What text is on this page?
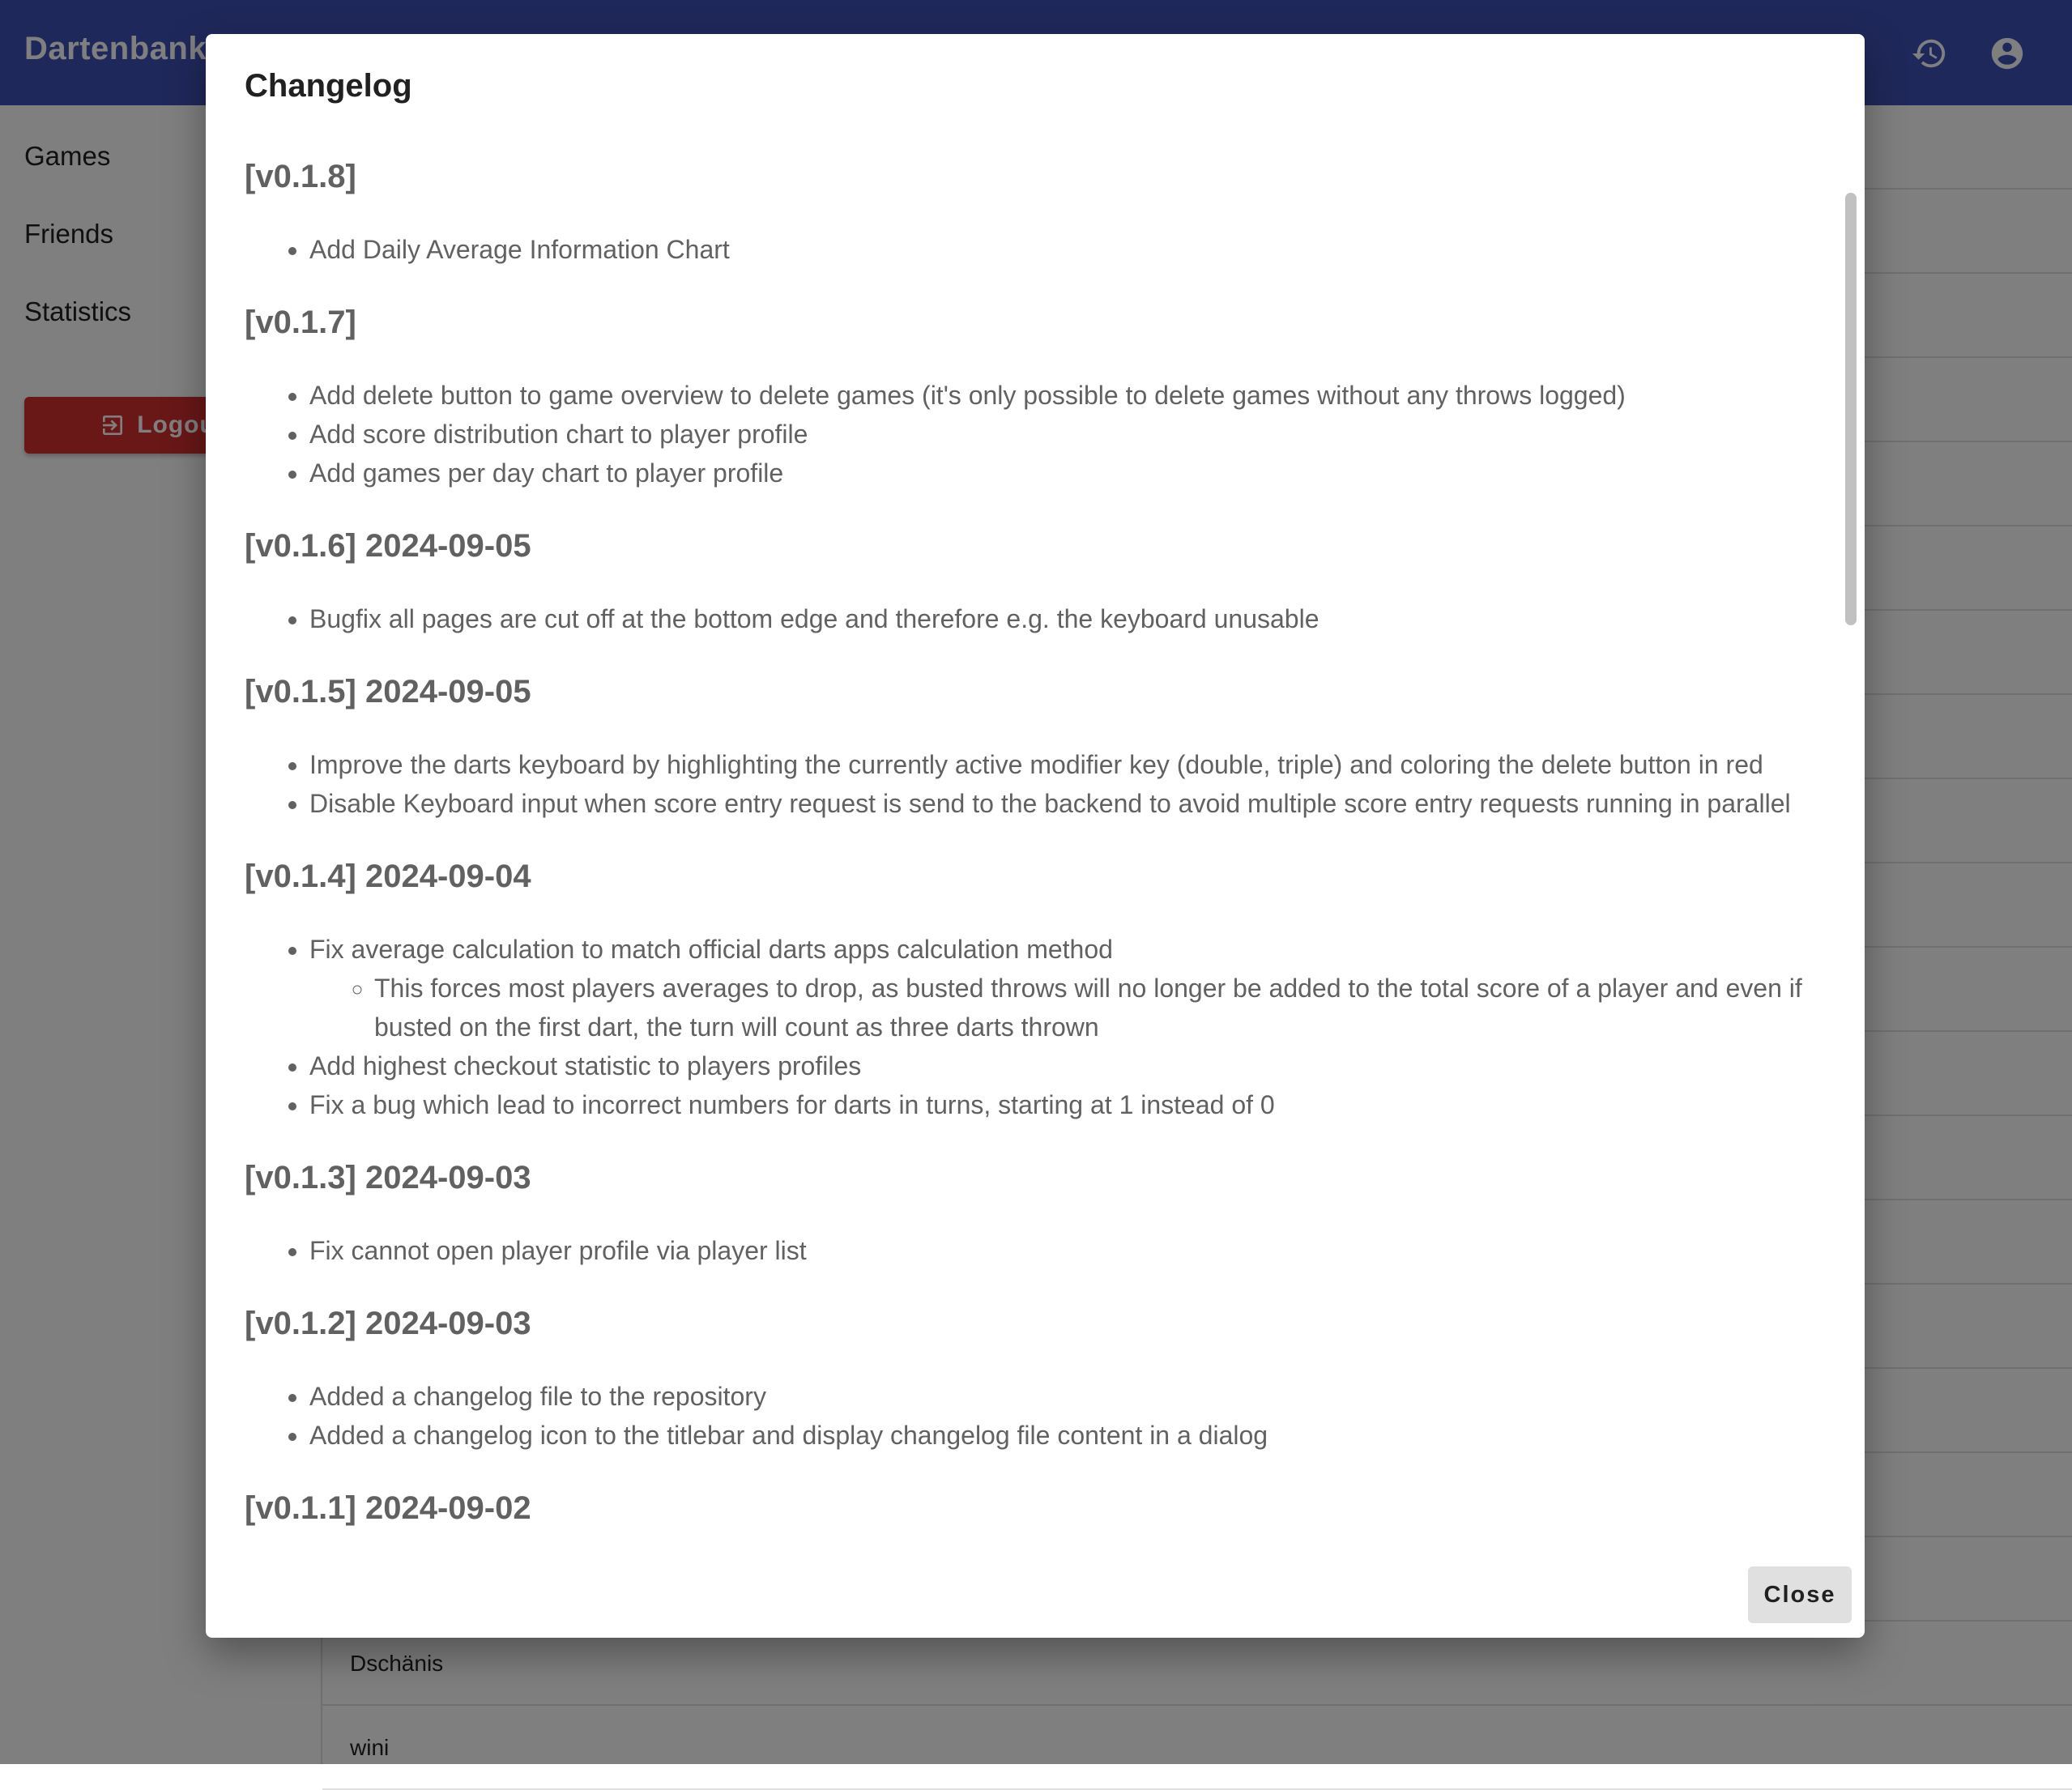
Changelog
[v0.1.8]
• Add Daily Average Information Chart
[v0.1.7]
• Add delete button to game overview to delete games (it's only possible to delete games without any throws logged)
• Add score distribution chart to player profile
• Add games per day chart to player profile
[v0.1.6] 2024-09-05
• Bugfix all pages are cut off at the bottom edge and therefore e.g. the keyboard unusable
[v0.1.5] 2024-09-05
• Improve the darts keyboard by highlighting the currently active modifier key (double, triple) and coloring the delete button in red
• Disable Keyboard input when score entry request is send to the backend to avoid multiple score entry requests running in parallel
[v0.1.4] 2024-09-04
• Fix average calculation to match official darts apps calculation method
◦ This forces most players averages to drop, as busted throws will no longer be added to the total score of a player and even if busted on the first dart, the turn will count as three darts thrown
• Add highest checkout statistic to players profiles
• Fix a bug which lead to incorrect numbers for darts in turns, starting at 1 instead of 0
[v0.1.3] 2024-09-03
• Fix cannot open player profile via player list
[v0.1.2] 2024-09-03
• Added a changelog file to the repository
• Added a changelog icon to the titlebar and display changelog file content in a dialog
[v0.1.1] 2024-09-02
Close
